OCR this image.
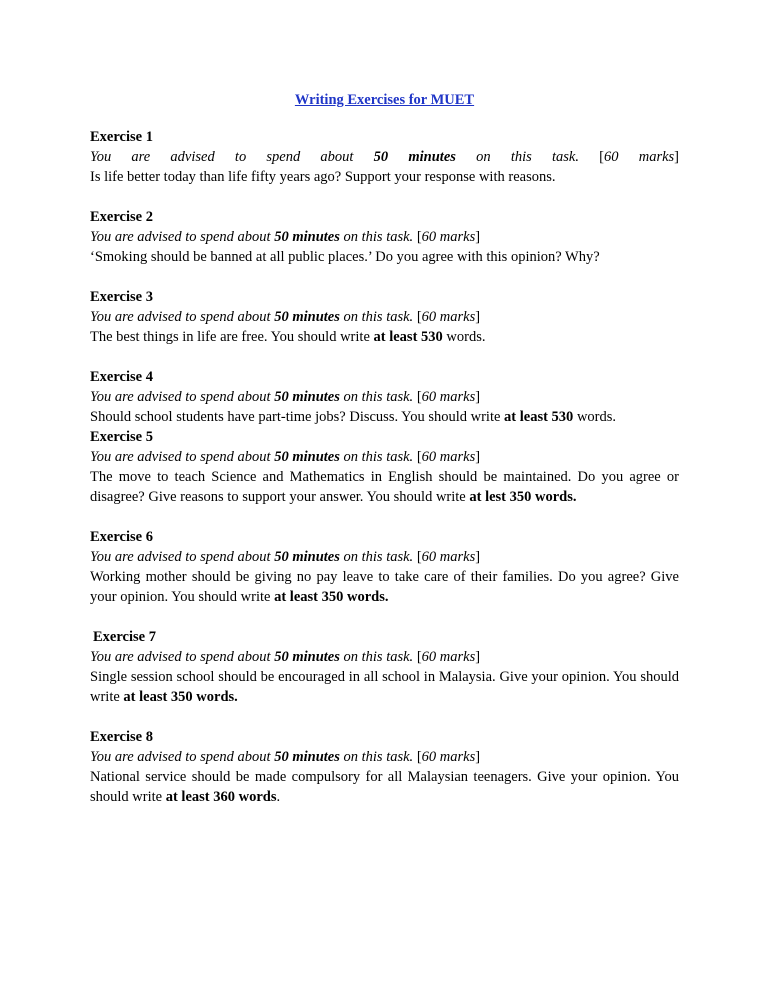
Writing Exercises for MUET
Exercise 1
You are advised to spend about 50 minutes on this task. [60 marks]
Is life better today than life fifty years ago? Support your response with reasons.
Exercise 2
You are advised to spend about 50 minutes on this task. [60 marks]
‘Smoking should be banned at all public places.’ Do you agree with this opinion? Why?
Exercise 3
You are advised to spend about 50 minutes on this task. [60 marks]
The best things in life are free. You should write at least 530 words.
Exercise 4
You are advised to spend about 50 minutes on this task. [60 marks]
Should school students have part-time jobs? Discuss. You should write at least 530 words.
Exercise 5
You are advised to spend about 50 minutes on this task. [60 marks]
The move to teach Science and Mathematics in English should be maintained. Do you agree or disagree? Give reasons to support your answer. You should write at lest 350 words.
Exercise 6
You are advised to spend about 50 minutes on this task. [60 marks]
Working mother should be giving no pay leave to take care of their families. Do you agree? Give your opinion. You should write at least 350 words.
Exercise 7
You are advised to spend about 50 minutes on this task. [60 marks]
Single session school should be encouraged in all school in Malaysia. Give your opinion. You should write at least 350 words.
Exercise 8
You are advised to spend about 50 minutes on this task. [60 marks]
National service should be made compulsory for all Malaysian teenagers. Give your opinion. You should write at least 360 words.
